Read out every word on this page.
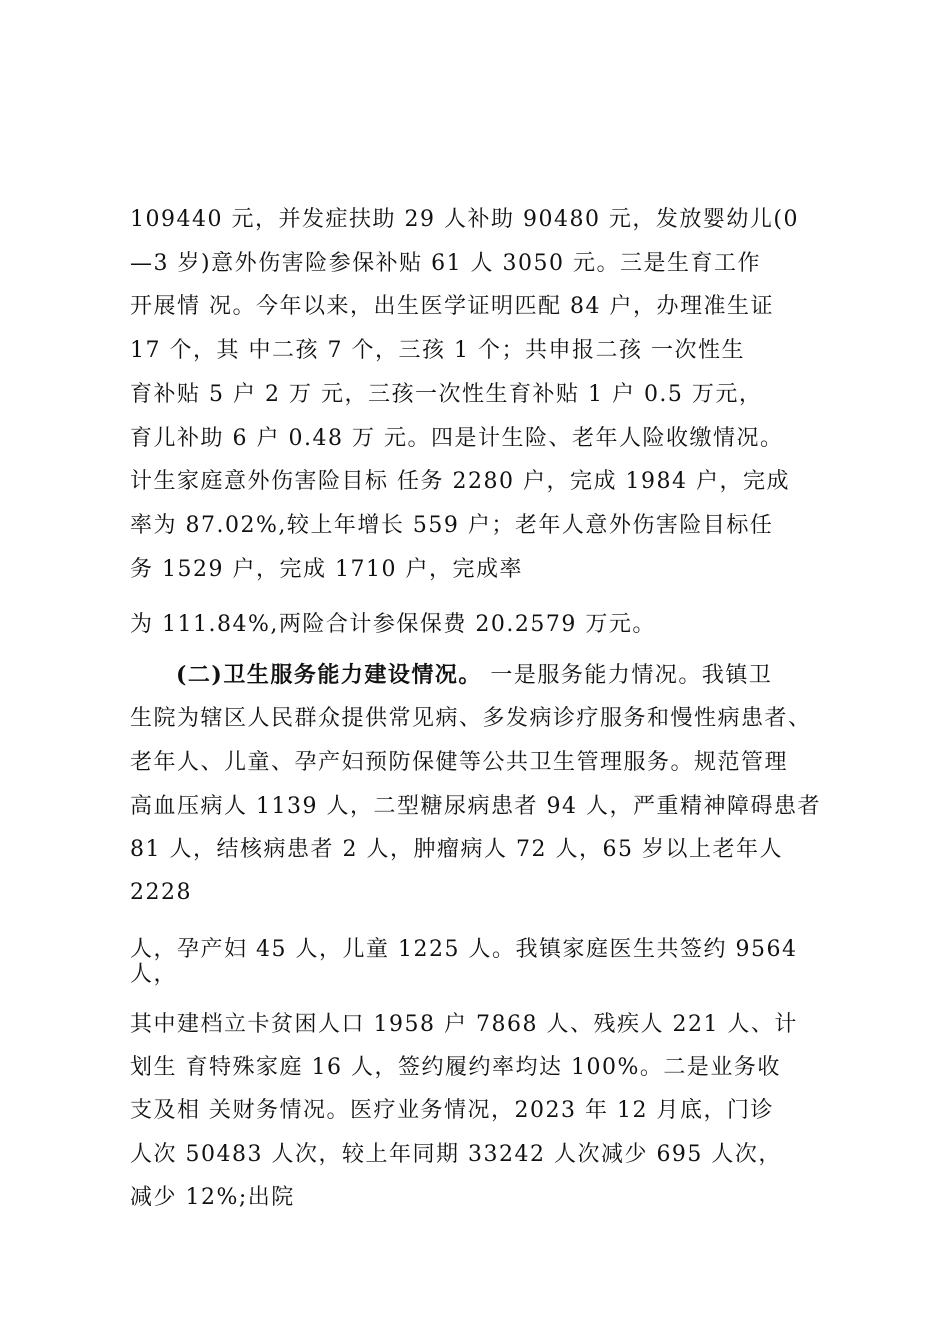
109440 元，并发症扶助 29 人补助 90480 元，发放婴幼儿(0
—3 岁)意外伤害险参保补贴 61 人 3050 元。三是生育工作
开展情 况。今年以来，出生医学证明匹配 84 户，办理准生证
17 个，其 中二孩 7 个，三孩 1 个；共申报二孩 一次性生
育补贴 5 户 2 万 元，三孩一次性生育补贴 1 户 0.5 万元，
育儿补助 6 户 0.48 万 元。四是计生险、老年人险收缴情况。
计生家庭意外伤害险目标 任务 2280 户，完成 1984 户，完成
率为 87.02%,较上年增长 559 户；老年人意外伤害险目标任
务 1529 户，完成 1710 户，完成率
为 111.84%,两险合计参保保费 20.2579 万元。
(二)卫生服务能力建设情况。 一是服务能力情况。我镇卫
生院为辖区人民群众提供常见病、多发病诊疗服务和慢性病患者、
老年人、儿童、孕产妇预防保健等公共卫生管理服务。规范管理
高血压病人 1139 人，二型糖尿病患者 94 人，严重精神障碍患者
81 人，结核病患者 2 人，肿瘤病人 72 人，65 岁以上老年人
2228
人，孕产妇 45 人，儿童 1225 人。我镇家庭医生共签约 9564
人，
其中建档立卡贫困人口 1958 户 7868 人、残疾人 221 人、计
划生 育特殊家庭 16 人，签约履约率均达 100%。二是业务收
支及相 关财务情况。医疗业务情况，2023 年 12 月底，门诊
人次 50483 人次，较上年同期 33242 人次减少 695 人次，
减少 12%;出院
